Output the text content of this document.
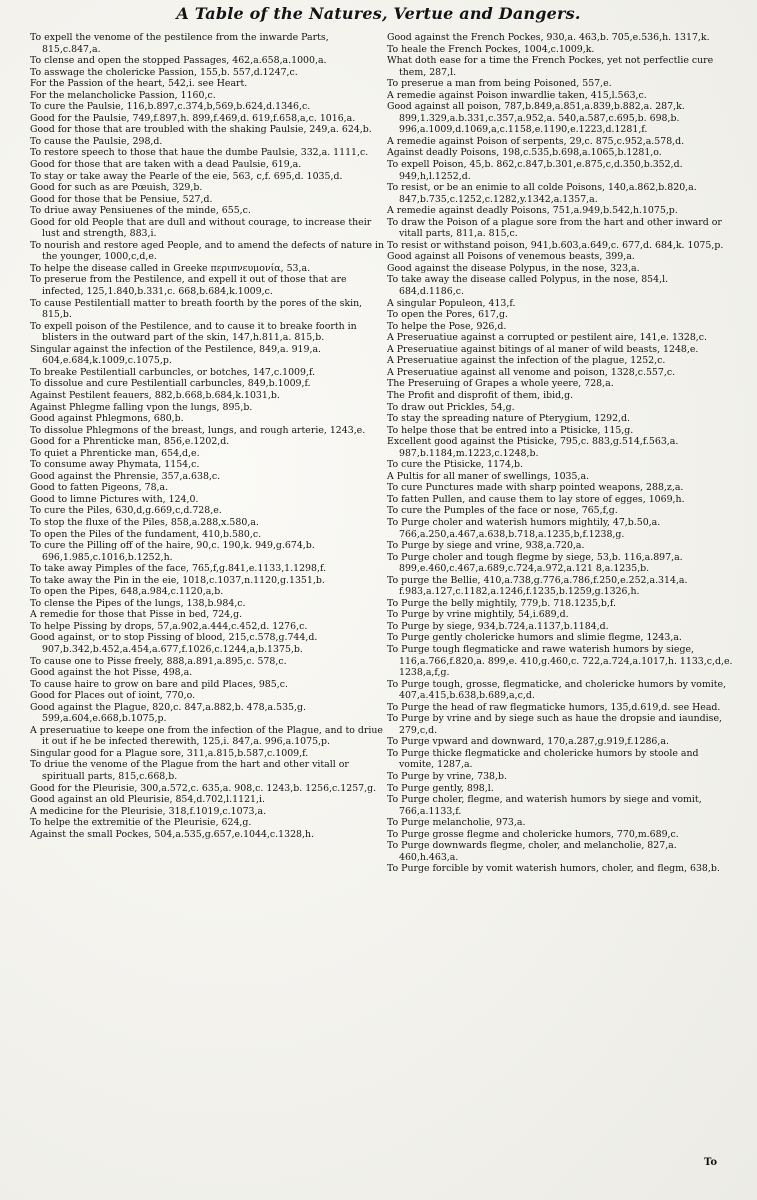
A Table of the Natures, Vertue and Dangers.

To expell the venome of the pestilence from the inwarde Parts, 815,c.847,a.

To clense and open the stopped Passages, 462,a.658,a.1000,a.

To asswage the cholericke Passion, 155,b. 557,d.1247,c.

For the Passion of the heart, 542,i. see Heart.

For the melancholicke Passion, 1160,c.

To cure the Paulsie, 116,b.897,c.374,b,569,b.624,d.1346,c.

Good for the Paulsie, 749,f.897,h. 899,f.469,d. 619,f.658,a,c. 1016,a.

Good for those that are troubled with the shaking Paulsie, 249,a. 624,b.

To cause the Paulsie, 298,d.

To restore speech to those that haue the dumbe Paulsie, 332,a. 1111,c.

Good for those that are taken with a dead Paulsie, 619,a.

To stay or take away the Pearle of the eie, 563, c,f. 695,d. 1035,d.

Good for such as are Pœuish, 329,b.

Good for those that be Pensiue, 527,d.

To driue away Pensiuenes of the minde, 655,c.

Good for old People that are dull and without courage, to increase their lust and strength, 883,i.

To nourish and restore aged People, and to amend the defects of nature in the younger, 1000,c,d,e.

To helpe the disease called in Greeke περιπνευμονία, 53,a.

To preserue from the Pestilence, and expell it out of those that are infected, 125,1.840,b.331,c. 668,b.684,k.1009,c.

To cause Pestilentiall matter to breath foorth by the pores of the skin, 815,b.

To expell poison of the Pestilence, and to cause it to breake foorth in blisters in the outward part of the skin, 147,h.811,a. 815,b.

Singular against the infection of the Pestilence, 849,a. 919,a. 604,e.684,k.1009,c.1075,p.

To breake Pestilentiall carbuncles, or botches, 147,c.1009,f.

To dissolue and cure Pestilentiall carbuncles, 849,b.1009,f.

Against Pestilent feauers, 882,b.668,b.684,k.1031,b.

Against Phlegme falling vpon the lungs, 895,b.

Good against Phlegmons, 680,b.

To dissolue Phlegmons of the breast, lungs, and rough arterie, 1243,e.

Good for a Phrenticke man, 856,e.1202,d.

To quiet a Phrenticke man, 654,d,e.

To consume away Phymata, 1154,c.

Good against the Phrensie, 357,a.638,c.

Good to fatten Pigeons, 78,a.

Good to limne Pictures with, 124,0.

To cure the Piles, 630,d,g.669,c,d.728,e.

To stop the fluxe of the Piles, 858,a.288,x.580,a.

To open the Piles of the fundament, 410,b.580,c.

To cure the Pilling off of the haire, 90,c. 190,k. 949,g.674,b. 696,1.985,c.1016,b.1252,h.

To take away Pimples of the face, 765,f,g.841,e.1133,1.1298,f.

To take away the Pin in the eie, 1018,c.1037,n.1120,g.1351,b.

To open the Pipes, 648,a.984,c.1120,a,b.

To clense the Pipes of the lungs, 138,b.984,c.

A remedie for those that Pisse in bed, 724,g.

To helpe Pissing by drops, 57,a.902,a.444,c.452,d. 1276,c.

Good against, or to stop Pissing of blood, 215,c.578,g.744,d. 907,b.342,b.452,a.454,a.677,f.1026,c.1244,a,b.1375,b.

To cause one to Pisse freely, 888,a.891,a.895,c. 578,c.

Good against the hot Pisse, 498,a.

To cause haire to grow on bare and pild Places, 985,c.

Good for Places out of ioint, 770,o.

Good against the Plague, 820,c. 847,a.882,b. 478,a.535,g. 599,a.604,e.668,b.1075,p.

A preseruatiue to keepe one from the infection of the Plague, and to driue it out if he be infected therewith, 125,i. 847,a. 996,a.1075,p.

Singular good for a Plague sore, 311,a.815,b.587,c.1009,f.

To driue the venome of the Plague from the hart and other vitall or spirituall parts, 815,c.668,b.

Good for the Pleurisie, 300,a.572,c. 635,a. 908,c. 1243,b. 1256,c.1257,g.

Good against an old Pleurisie, 854,d.702,l.1121,i.

A medicine for the Pleurisie, 318,f.1019,c.1073,a.

To helpe the extremitie of the Pleurisie, 624,g.

Against the small Pockes, 504,a.535,g.657,e.1044,c.1328,h.

Good against the French Pockes, 930,a. 463,b. 705,e.536,h. 1317,k.

To heale the French Pockes, 1004,c.1009,k.

What doth ease for a time the French Pockes, yet not perfectlie cure them, 287,l.

To preserue a man from being Poisoned, 557,e.

A remedie against Poison inwardlie taken, 415,l.563,c.

Good against all poison, 787,b.849,a.851,a.839,b.882,a. 287,k. 899,1.329,a.b.331,c.357,a.952,a. 540,a.587,c.695,b. 698,b. 996,a.1009,d.1069,a,c.1158,e.1190,e.1223,d.1281,f.

A remedie against Poison of serpents, 29,c. 875,c.952,a.578,d.

Against deadly Poisons, 198,c.535,b.698,a.1065,b.1281,o.

To expell Poison, 45,b. 862,c.847,b.301,e.875,c,d.350,b.352,d. 949,h,l.1252,d.

To resist, or be an enimie to all colde Poisons, 140,a.862,b.820,a. 847,b.735,c.1252,c.1282,y.1342,a.1357,a.

A remedie against deadly Poisons, 751,a.949,b.542,h.1075,p.

To draw the Poison of a plague sore from the hart and other inward or vitall parts, 811,a. 815,c.

To resist or withstand poison, 941,b.603,a.649,c. 677,d. 684,k. 1075,p.

Good against all Poisons of venemous beasts, 399,a.

Good against the disease Polypus, in the nose, 323,a.

To take away the disease called Polypus, in the nose, 854,l. 684,d.1186,c.

A singular Populeon, 413,f.

To open the Pores, 617,g.

To helpe the Pose, 926,d.

A Preseruatiue against a corrupted or pestilent aire, 141,e. 1328,c.

A Preseruatiue against bitings of al maner of wild beasts, 1248,e.

A Preseruatiue against the infection of the plague, 1252,c.

A Preseruatiue against all venome and poison, 1328,c.557,c.

The Preseruing of Grapes a whole yeere, 728,a.

The Profit and disprofit of them, ibid,g.

To draw out Prickles, 54,g.

To stay the spreading nature of Pterygium, 1292,d.

To helpe those that be entred into a Ptisicke, 115,g.

Excellent good against the Ptisicke, 795,c. 883,g.514,f.563,a. 987,b.1184,m.1223,c.1248,b.

To cure the Ptisicke, 1174,b.

A Pultis for all maner of swellings, 1035,a.

To cure Punctures made with sharp pointed weapons, 288,z,a.

To fatten Pullen, and cause them to lay store of egges, 1069,h.

To cure the Pumples of the face or nose, 765,f,g.

To Purge choler and waterish humors mightily, 47,b.50,a. 766,a.250,a.467,a.638,b.718,a.1235,b,f.1238,g.

To Purge by siege and vrine, 938,a.720,a.

To Purge choler and tough flegme by siege, 53,b. 116,a.897,a. 899,e.460,c.467,a.689,c.724,a.972,a.121 8,a.1235,b.

To purge the Bellie, 410,a.738,g.776,a.786,f.250,e.252,a.314,a. f.983,a.127,c.1182,a.1246,f.1235,b.1259,g.1326,h.

To Purge the belly mightily, 779,b. 718.1235,b,f.

To Purge by vrine mightily, 54,i.689,d.

To Purge by siege, 934,b.724,a.1137,b.1184,d.

To Purge gently cholericke humors and slimie flegme, 1243,a.

To Purge tough flegmaticke and rawe waterish humors by siege, 116,a.766,f.820,a. 899,e. 410,g.460,c. 722,a.724,a.1017,h. 1133,c,d,e. 1238,a,f,g.

To Purge tough, grosse, flegmaticke, and cholericke humors by vomite, 407,a.415,b.638,b.689,a,c,d.

To Purge the head of raw flegmaticke humors, 135,d.619,d. see Head.

To Purge by vrine and by siege such as haue the dropsie and iaundise, 279,c,d.

To Purge vpward and downward, 170,a.287,g.919,f.1286,a.

To Purge thicke flegmaticke and cholericke humors by stoole and vomite, 1287,a.

To Purge by vrine, 738,b.

To Purge gently, 898,l.

To Purge choler, flegme, and waterish humors by siege and vomit, 766,a.1133,f.

To Purge melancholie, 973,a.

To Purge grosse flegme and cholericke humors, 770,m.689,c.

To Purge downwards flegme, choler, and melancholie, 827,a. 460,h.463,a.

To Purge forcible by vomit waterish humors, choler, and flegm, 638,b.

To
